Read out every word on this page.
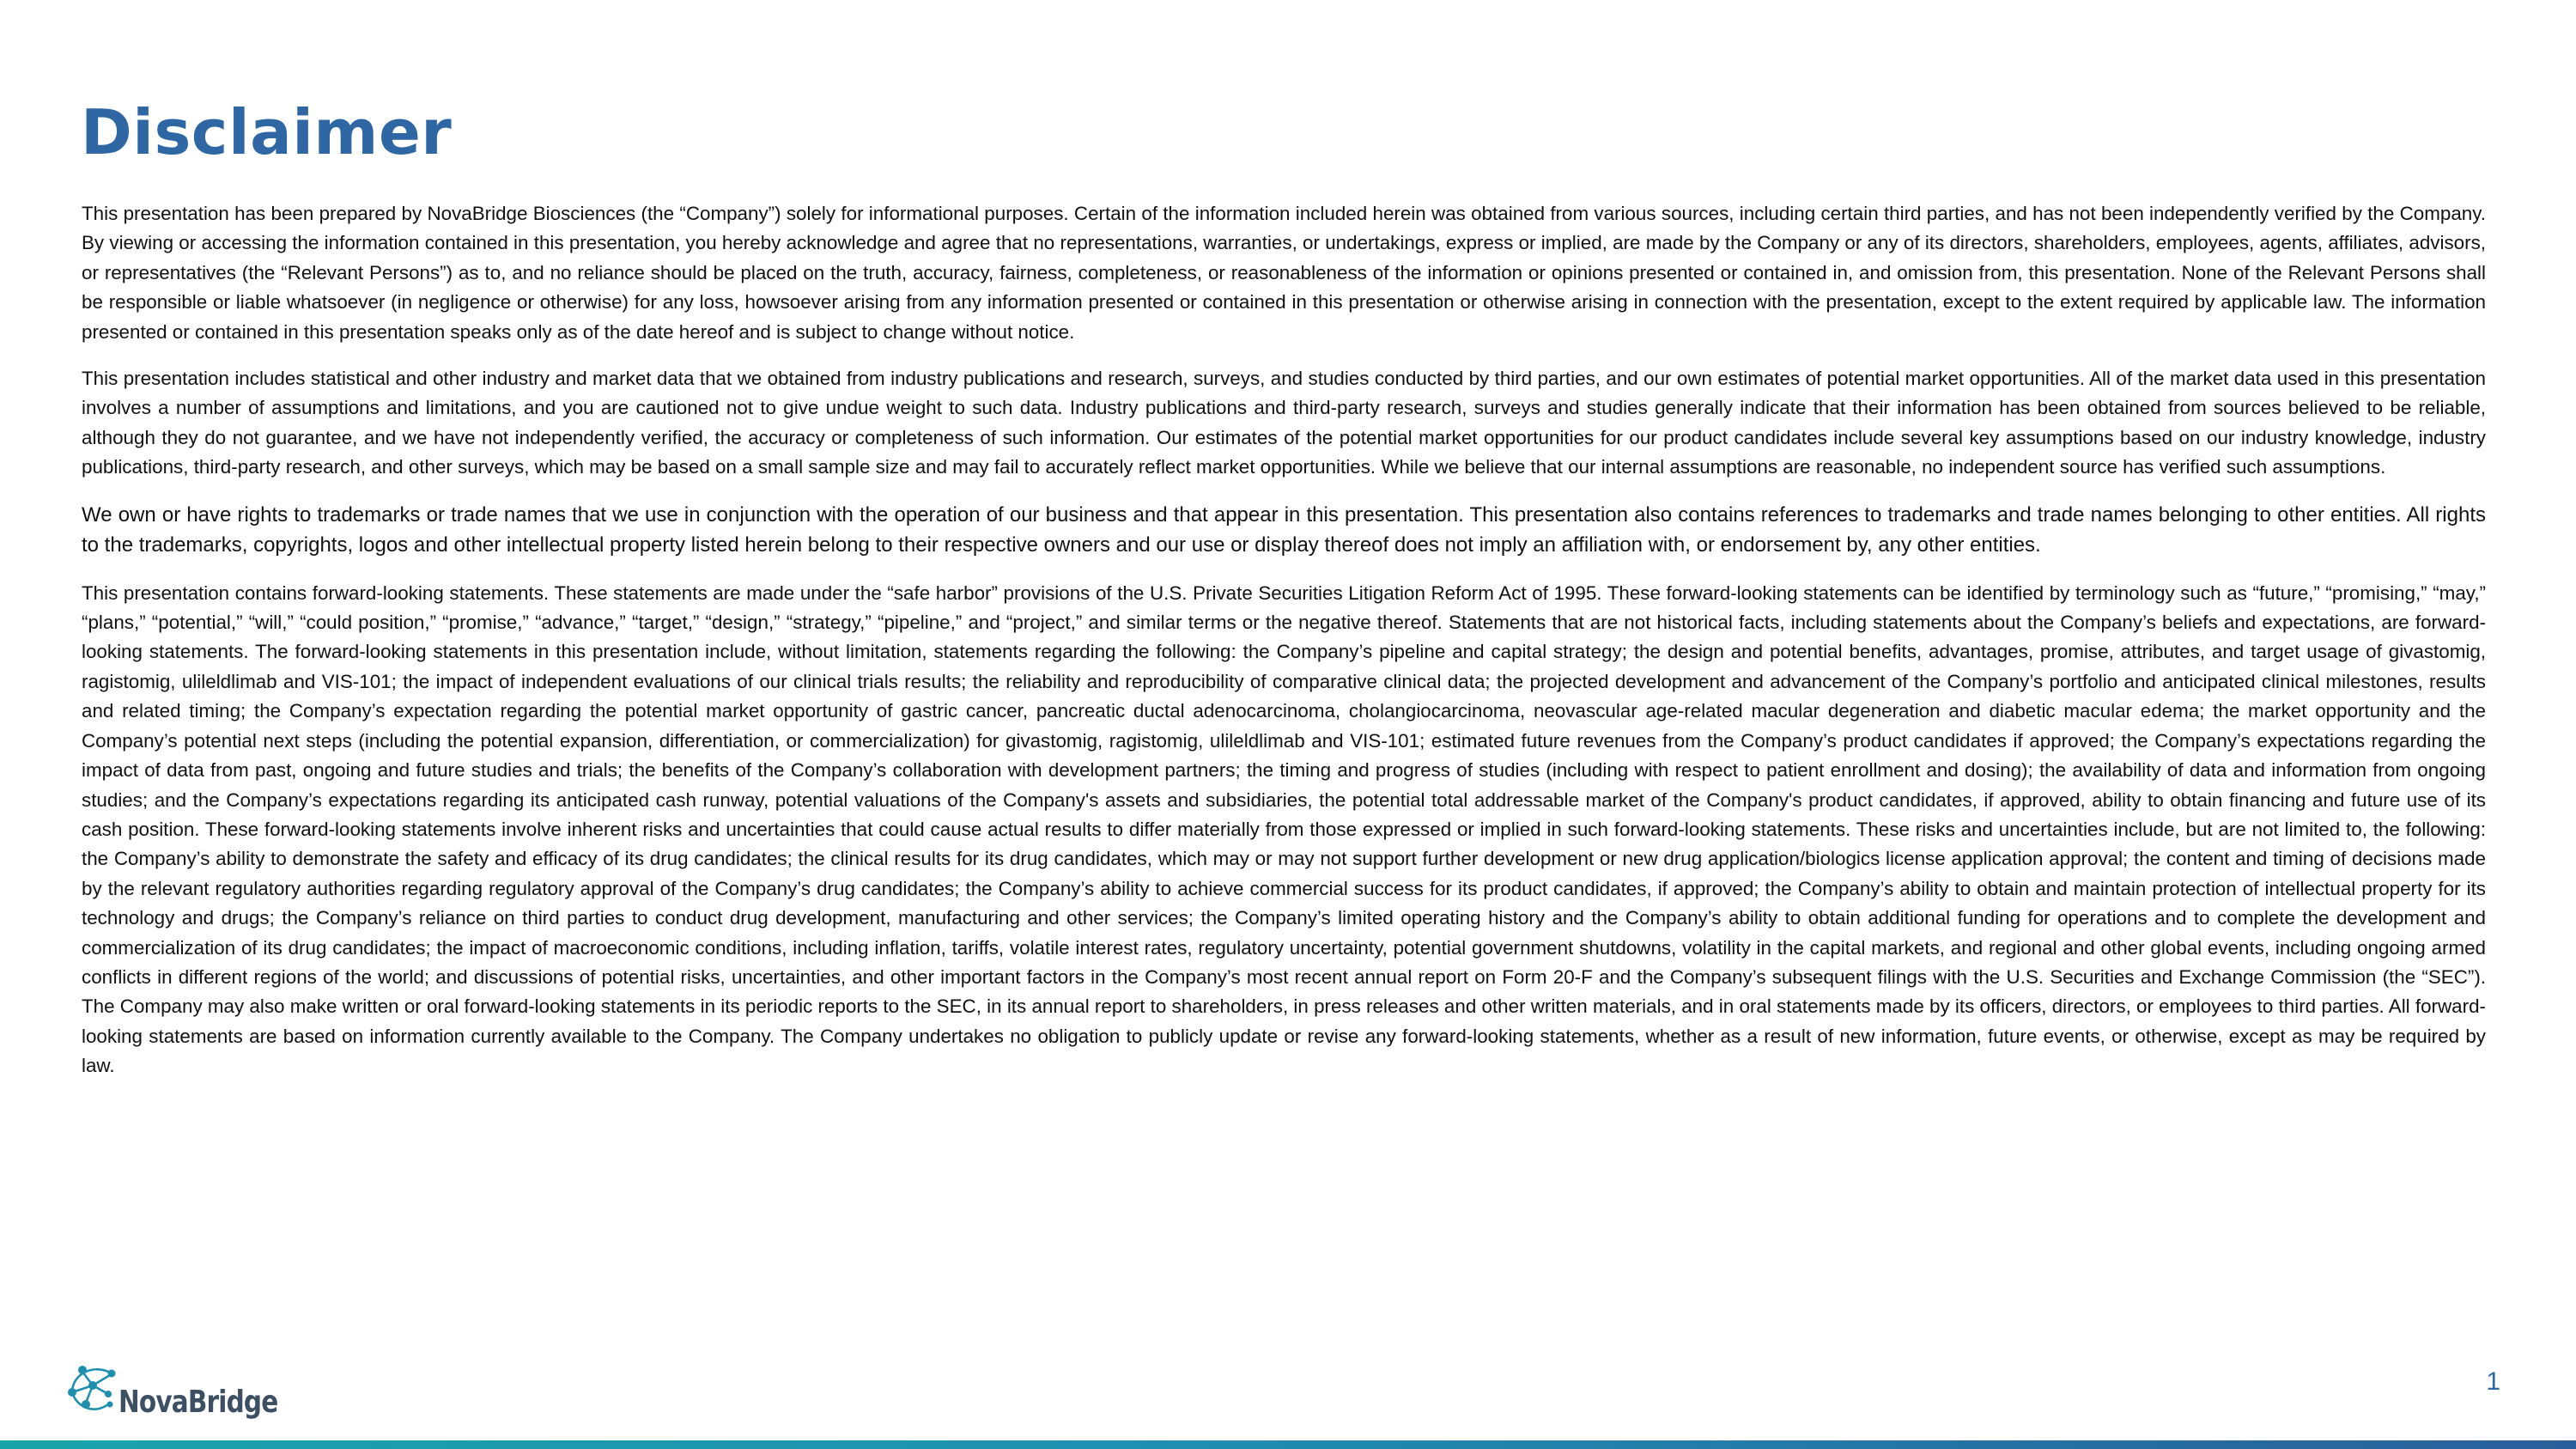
Disclaimer

This presentation has been prepared by NovaBridge Biosciences (the “Company”) solely for informational purposes. Certain of the information included herein was obtained from various sources, including certain third parties, and has not been independently verified by the Company. By viewing or accessing the information contained in this presentation, you hereby acknowledge and agree that no representations, warranties, or undertakings, express or implied, are made by the Company or any of its directors, shareholders, employees, agents, affiliates, advisors, or representatives (the “Relevant Persons”) as to, and no reliance should be placed on the truth, accuracy, fairness, completeness, or reasonableness of the information or opinions presented or contained in, and omission from, this presentation. None of the Relevant Persons shall be responsible or liable whatsoever (in negligence or otherwise) for any loss, howsoever arising from any information presented or contained in this presentation or otherwise arising in connection with the presentation, except to the extent required by applicable law. The information presented or contained in this presentation speaks only as of the date hereof and is subject to change without notice.

This presentation includes statistical and other industry and market data that we obtained from industry publications and research, surveys, and studies conducted by third parties, and our own estimates of potential market opportunities. All of the market data used in this presentation involves a number of assumptions and limitations, and you are cautioned not to give undue weight to such data. Industry publications and third-party research, surveys and studies generally indicate that their information has been obtained from sources believed to be reliable, although they do not guarantee, and we have not independently verified, the accuracy or completeness of such information. Our estimates of the potential market opportunities for our product candidates include several key assumptions based on our industry knowledge, industry publications, third-party research, and other surveys, which may be based on a small sample size and may fail to accurately reflect market opportunities. While we believe that our internal assumptions are reasonable, no independent source has verified such assumptions.

We own or have rights to trademarks or trade names that we use in conjunction with the operation of our business and that appear in this presentation. This presentation also contains references to trademarks and trade names belonging to other entities. All rights to the trademarks, copyrights, logos and other intellectual property listed herein belong to their respective owners and our use or display thereof does not imply an affiliation with, or endorsement by, any other entities.

This presentation contains forward-looking statements. These statements are made under the “safe harbor” provisions of the U.S. Private Securities Litigation Reform Act of 1995. These forward-looking statements can be identified by terminology such as “future,” “promising,” “may,” “plans,” “potential,” “will,” “could position,” “promise,” “advance,” “target,” “design,” “strategy,” “pipeline,” and “project,” and similar terms or the negative thereof. Statements that are not historical facts, including statements about the Company’s beliefs and expectations, are forward-looking statements. The forward-looking statements in this presentation include, without limitation, statements regarding the following: the Company’s pipeline and capital strategy; the design and potential benefits, advantages, promise, attributes, and target usage of givastomig, ragistomig, ulileldlimab and VIS-101; the impact of independent evaluations of our clinical trials results; the reliability and reproducibility of comparative clinical data; the projected development and advancement of the Company’s portfolio and anticipated clinical milestones, results and related timing; the Company’s expectation regarding the potential market opportunity of gastric cancer, pancreatic ductal adenocarcinoma, cholangiocarcinoma, neovascular age-related macular degeneration and diabetic macular edema; the market opportunity and the Company’s potential next steps (including the potential expansion, differentiation, or commercialization) for givastomig, ragistomig, ulileldlimab and VIS-101; estimated future revenues from the Company’s product candidates if approved; the Company’s expectations regarding the impact of data from past, ongoing and future studies and trials; the benefits of the Company’s collaboration with development partners; the timing and progress of studies (including with respect to patient enrollment and dosing); the availability of data and information from ongoing studies; and the Company’s expectations regarding its anticipated cash runway, potential valuations of the Company's assets and subsidiaries, the potential total addressable market of the Company's product candidates, if approved, ability to obtain financing and future use of its cash position. These forward-looking statements involve inherent risks and uncertainties that could cause actual results to differ materially from those expressed or implied in such forward-looking statements. These risks and uncertainties include, but are not limited to, the following: the Company’s ability to demonstrate the safety and efficacy of its drug candidates; the clinical results for its drug candidates, which may or may not support further development or new drug application/biologics license application approval; the content and timing of decisions made by the relevant regulatory authorities regarding regulatory approval of the Company’s drug candidates; the Company’s ability to achieve commercial success for its product candidates, if approved; the Company’s ability to obtain and maintain protection of intellectual property for its technology and drugs; the Company’s reliance on third parties to conduct drug development, manufacturing and other services; the Company’s limited operating history and the Company’s ability to obtain additional funding for operations and to complete the development and commercialization of its drug candidates; the impact of macroeconomic conditions, including inflation, tariffs, volatile interest rates, regulatory uncertainty, potential government shutdowns, volatility in the capital markets, and regional and other global events, including ongoing armed conflicts in different regions of the world; and discussions of potential risks, uncertainties, and other important factors in the Company’s most recent annual report on Form 20-F and the Company’s subsequent filings with the U.S. Securities and Exchange Commission (the “SEC”). The Company may also make written or oral forward-looking statements in its periodic reports to the SEC, in its annual report to shareholders, in press releases and other written materials, and in oral statements made by its officers, directors, or employees to third parties. All forward-looking statements are based on information currently available to the Company. The Company undertakes no obligation to publicly update or revise any forward-looking statements, whether as a result of new information, future events, or otherwise, except as may be required by law.

NovaBridge
1
